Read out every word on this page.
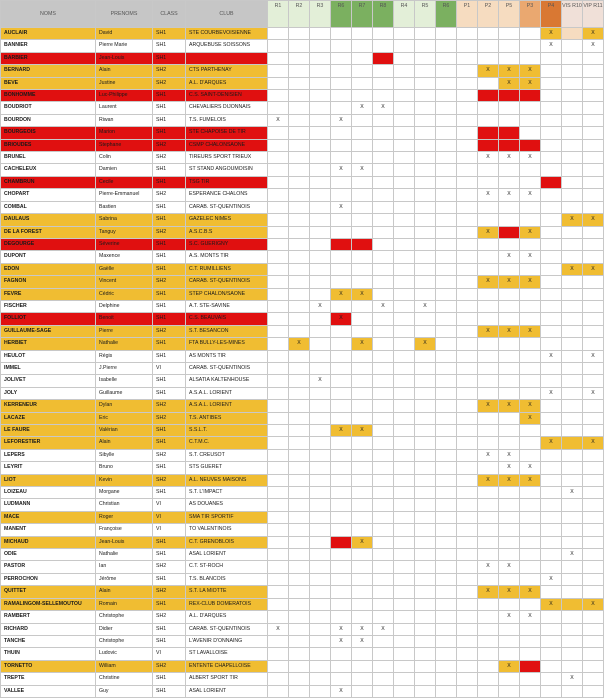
NOMS	PRENOMS	CLASS	CLUB	R1	R2	R3	R6	R7	R8	R4	R5	R6	P1	P2	P5	P3	P4	VIS R10	VIP R11
AUCLAIR	David	SH1	STE COURBEVOISIENNE														X		X
BANNIER	Pierre Marie	SH1	ARQUEBUSE SOISSONS														X		X
BARBIER	Jean-Louis	SH1																	
BERNARD	Alain	SH2	CTS PARTHENAY											X	X	X			
BEVE	Justine	SH2	A.L. D'ARQUES												X	X			
BONHOMME	Luc-Philippe	SH1	C.S. SAINT-DENISIEN																
BOUDRIOT	Laurent	SH1	CHEVALIERS DIJONNAIS					X	X										
BOURDON	Riwan	SH1	T.S. FUMELOIS	X			X												
BOURGEOIS	Marion	SH1	STE CHAPOISE DE TIR																
BRIOUDES	Stephane	SH2	CSMP CHALONSAONE																
BRUNEL	Colin	SH2	TIREURS SPORT TRIEUX											X	X	X			
CACHELEUX	Damien	SH1	ST STAND ANGOUMOISIN				X	X											
CHAMBRUN	Cecile	SH1	TSG TIR																
CHOPART	Pierre-Emmanuel	SH2	ESPERANCE CHALONS											X	X	X			
COMBAL	Bastien	SH1	CARAB. ST-QUENTINOIS				X												
DAULAUS	Sabrina	SH1	GAZELEC NIMES															X	X
DE LA FOREST	Tanguy	SH2	A.S.C.B.S											X		X			
DEGOURGE	Séverine	SH1	S.C. GUERIGNY																
DUPONT	Maxence	SH1	A.S. MONTS TIR												X	X			
EDON	Gaëlle	SH1	C.T. RUMILLIENS															X	X
FAGNON	Vincent	SH2	CARAB. ST-QUENTINOIS											X	X	X			
FEVRE	Cédric	SH1	STEP CHALON/SAONE				X	X											
FISCHER	Delphine	SH1	A.T. STE-SAVINE			X			X		X								
FOLLIOT	Benoit	SH1	C.S. BEAUVAIS				X												
GUILLAUME-SAGE	Pierre	SH2	S.T. BESANCON											X	X	X			
HERBIET	Nathalie	SH1	FTA BULLY-LES-MINES		X			X			X								
HEULOT	Régis	SH1	AS MONTS TIR														X		X
IMMEL	J.Pierre	VI	CARAB. ST-QUENTINOIS																
JOLIVET	Isabelle	SH1	ALSATIA KALTENHOUSE			X													
JOLY	Guillaume	SH1	A.S.A.L. LORIENT														X		X
KERRENEUR	Dylan	SH2	A.S.A.L. LORIENT											X	X	X			
LACAZE	Eric	SH2	T.S. ANTIBES													X			
LE FAURE	Valérian	SH1	S.S.L.T.				X	X											
LEFORESTIER	Alain	SH1	C.T.M.C.														X		X
LEPERS	Sibylle	SH2	S.T. CREUSOT											X	X				
LEYRIT	Bruno	SH1	STS GUERET												X	X			
LIOT	Kevin	SH2	A.L. NEUVES MAISONS											X	X	X			
LOIZEAU	Morgane	SH1	S.T. L'IMPACT															X	
LUDMANN	Christian	VI	AS DOUANES																
MACE	Roger	VI	SMA TIR SPORTIF																
MANENT	Françoise	VI	TO VALENTINOIS																
MICHAUD	Jean-Louis	SH1	C.T. GRENOBLOIS					X											
ODIE	Nathalie	SH1	ASAL LORIENT															X	
PASTOR	Ian	SH2	C.T. ST-ROCH											X	X				
PERROCHON	Jérôme	SH1	T.S. BLANCOIS														X		
QUITTET	Alain	SH2	S.T. LA MIOTTE											X	X	X			
RAMALINGOM-SELLEMOUTOU	Romain	SH1	REX-CLUB DOMERATOIS														X		X
RAMBERT	Christophe	SH2	A.L. D'ARQUES												X	X			
RICHARD	Didier	SH1	CARAB. ST-QUENTINOIS	X			X	X	X										
TANCHE	Christophe	SH1	L'AVENIR D'ONNAING				X	X											
THUIN	Ludovic	VI	ST LAVALLOISE																
TORNETTO	William	SH2	ENTENTE CHAPELLOISE												X				
TREPTE	Christine	SH1	ALBERT SPORT TIR															X	
VALLEE	Guy	SH1	ASAL LORIENT				X												
